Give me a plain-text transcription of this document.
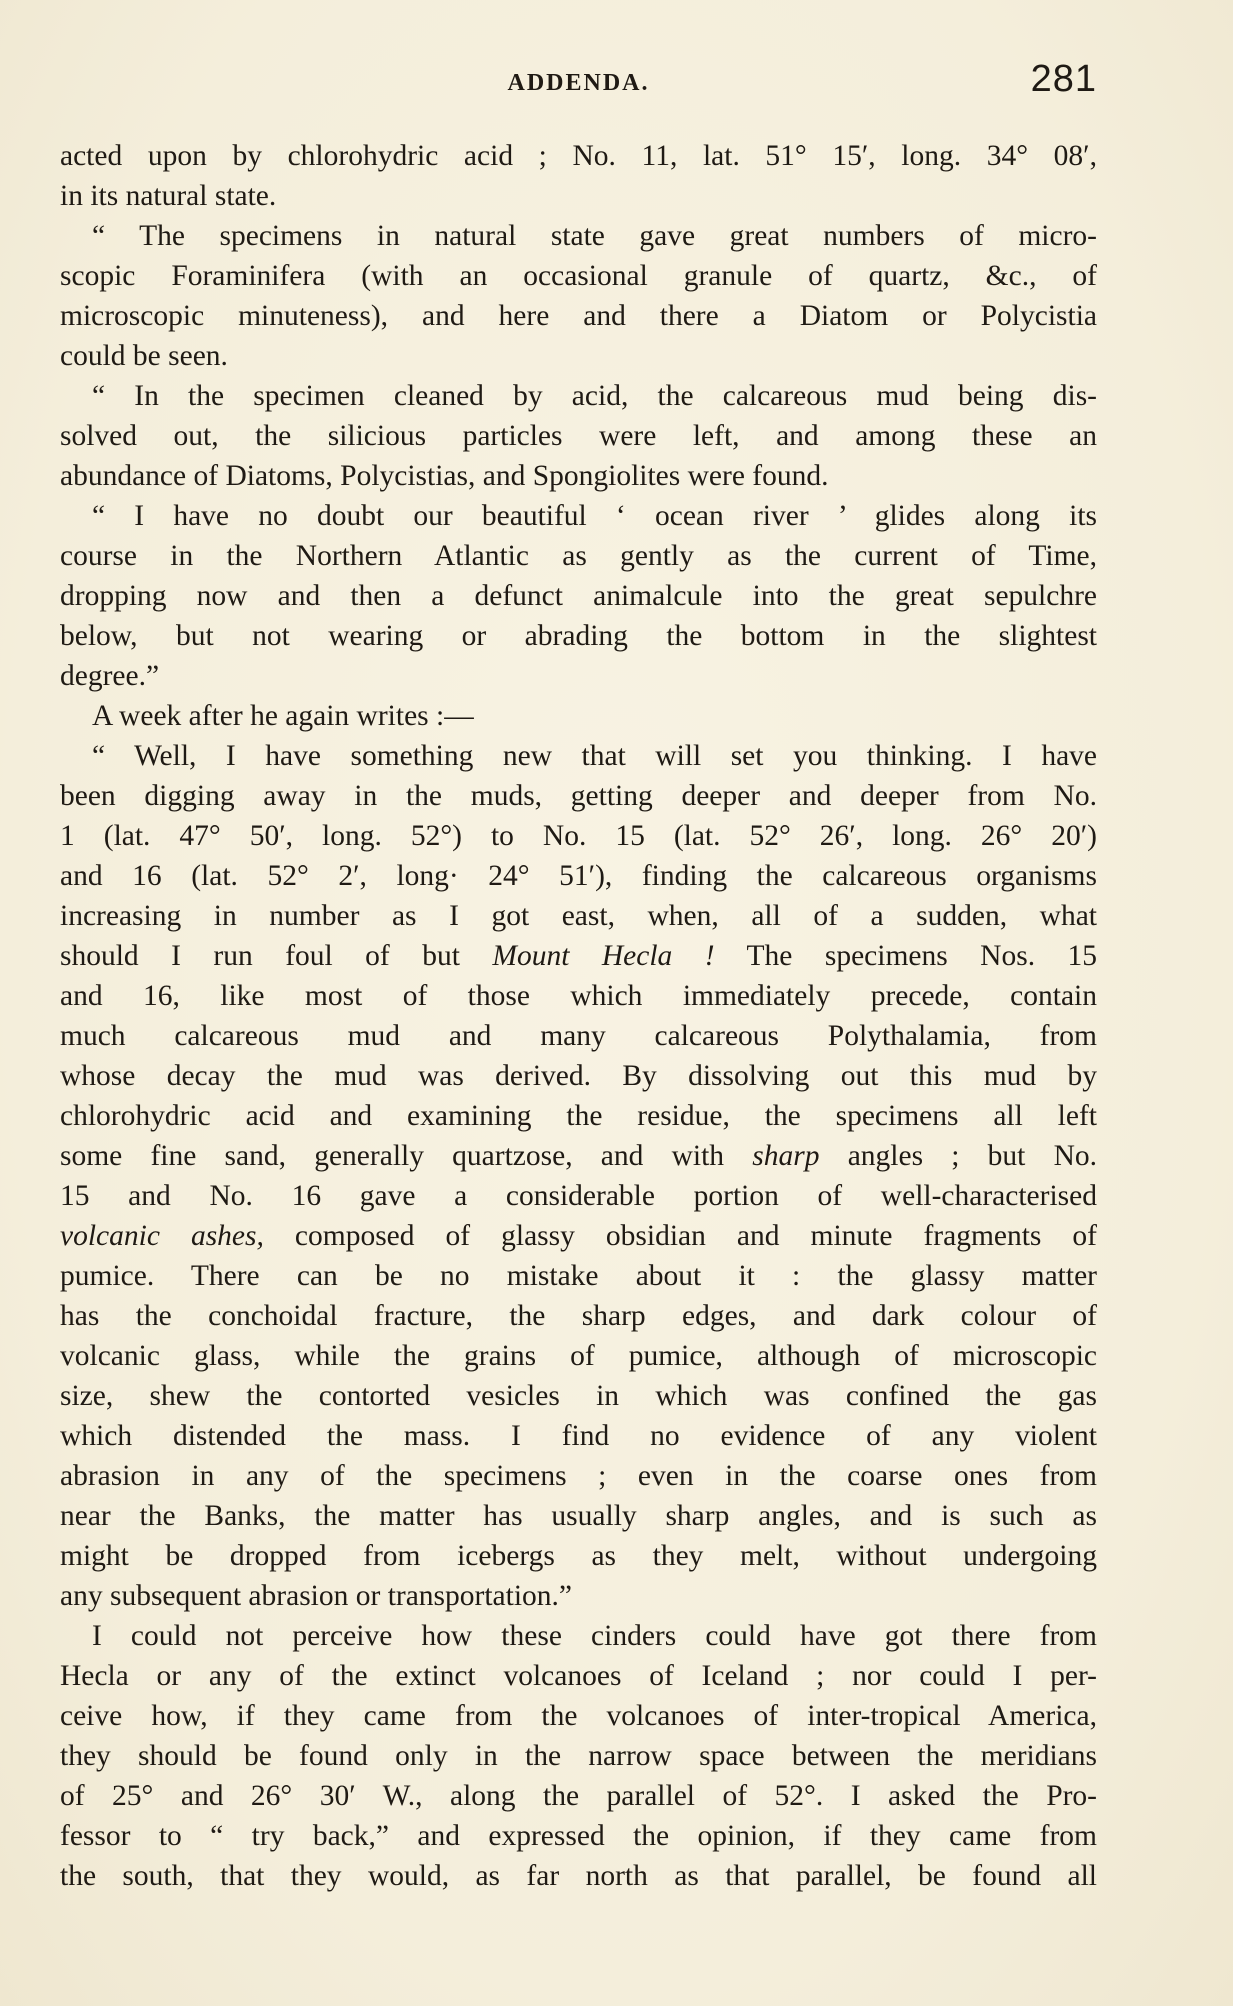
ADDENDA.	281
acted upon by chlorohydric acid ; No. 11, lat. 51° 15′, long. 34° 08′,
in its natural state.
“ The specimens in natural state gave great numbers of micro-
scopic Foraminifera (with an occasional granule of quartz, &c., of
microscopic minuteness), and here and there a Diatom or Polycistia
could be seen.
“ In the specimen cleaned by acid, the calcareous mud being dis-
solved out, the silicious particles were left, and among these an
abundance of Diatoms, Polycistias, and Spongiolites were found.
“ I have no doubt our beautiful ‘ ocean river ’ glides along its
course in the Northern Atlantic as gently as the current of Time,
dropping now and then a defunct animalcule into the great sepulchre
below, but not wearing or abrading the bottom in the slightest
degree.”
A week after he again writes :—
“ Well, I have something new that will set you thinking. I have
been digging away in the muds, getting deeper and deeper from No.
1 (lat. 47° 50′, long. 52°) to No. 15 (lat. 52° 26′, long. 26° 20′)
and 16 (lat. 52° 2′, long· 24° 51′), finding the calcareous organisms
increasing in number as I got east, when, all of a sudden, what
should I run foul of but Mount Hecla ! The specimens Nos. 15
and 16, like most of those which immediately precede, contain
much calcareous mud and many calcareous Polythalamia, from
whose decay the mud was derived. By dissolving out this mud by
chlorohydric acid and examining the residue, the specimens all left
some fine sand, generally quartzose, and with sharp angles ; but No.
15 and No. 16 gave a considerable portion of well-characterised
volcanic ashes, composed of glassy obsidian and minute fragments of
pumice. There can be no mistake about it : the glassy matter
has the conchoidal fracture, the sharp edges, and dark colour of
volcanic glass, while the grains of pumice, although of microscopic
size, shew the contorted vesicles in which was confined the gas
which distended the mass. I find no evidence of any violent
abrasion in any of the specimens ; even in the coarse ones from
near the Banks, the matter has usually sharp angles, and is such as
might be dropped from icebergs as they melt, without undergoing
any subsequent abrasion or transportation.”
I could not perceive how these cinders could have got there from
Hecla or any of the extinct volcanoes of Iceland ; nor could I per-
ceive how, if they came from the volcanoes of inter-tropical America,
they should be found only in the narrow space between the meridians
of 25° and 26° 30′ W., along the parallel of 52°. I asked the Pro-
fessor to “ try back,” and expressed the opinion, if they came from
the south, that they would, as far north as that parallel, be found all
